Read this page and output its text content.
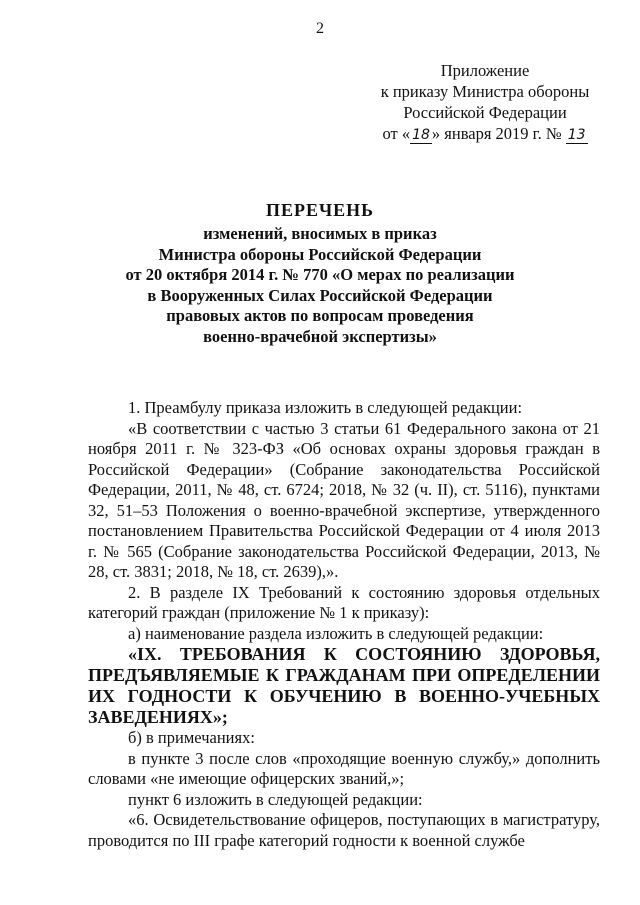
2
Приложение
к приказу Министра обороны
Российской Федерации
от « 18 » января 2019 г. № 13
ПЕРЕЧЕНЬ
изменений, вносимых в приказ
Министра обороны Российской Федерации
от 20 октября 2014 г. № 770 «О мерах по реализации
в Вооруженных Силах Российской Федерации
правовых актов по вопросам проведения
военно-врачебной экспертизы»

1. Преамбулу приказа изложить в следующей редакции:

«В соответствии с частью 3 статьи 61 Федерального закона от 21 ноября 2011 г. № 323-ФЗ «Об основах охраны здоровья граждан в Российской Федерации» (Собрание законодательства Российской Федерации, 2011, № 48, ст. 6724; 2018, № 32 (ч. II), ст. 5116), пунктами 32, 51–53 Положения о военно-врачебной экспертизе, утвержденного постановлением Правительства Российской Федерации от 4 июля 2013 г. № 565 (Собрание законодательства Российской Федерации, 2013, № 28, ст. 3831; 2018, № 18, ст. 2639),».

2. В разделе IX Требований к состоянию здоровья отдельных категорий граждан (приложение № 1 к приказу):

а) наименование раздела изложить в следующей редакции:

«IX. ТРЕБОВАНИЯ К СОСТОЯНИЮ ЗДОРОВЬЯ, ПРЕДЪЯВЛЯЕМЫЕ К ГРАЖДАНАМ ПРИ ОПРЕДЕЛЕНИИ ИХ ГОДНОСТИ К ОБУЧЕНИЮ В ВОЕННО-УЧЕБНЫХ ЗАВЕДЕНИЯХ»;

б) в примечаниях:

в пункте 3 после слов «проходящие военную службу,» дополнить словами «не имеющие офицерских званий,»;

пункт 6 изложить в следующей редакции:

«6. Освидетельствование офицеров, поступающих в магистратуру, проводится по III графе категорий годности к военной службе
